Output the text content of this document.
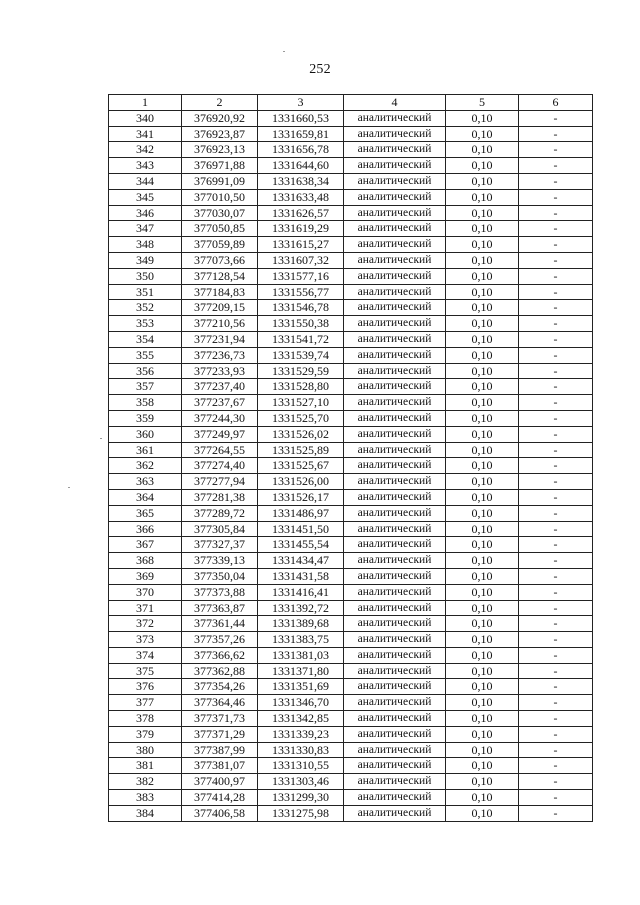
252
1	2	3	4	5	6
340	376920,92	1331660,53	аналитический	0,10	-
341	376923,87	1331659,81	аналитический	0,10	-
342	376923,13	1331656,78	аналитический	0,10	-
343	376971,88	1331644,60	аналитический	0,10	-
344	376991,09	1331638,34	аналитический	0,10	-
345	377010,50	1331633,48	аналитический	0,10	-
346	377030,07	1331626,57	аналитический	0,10	-
347	377050,85	1331619,29	аналитический	0,10	-
348	377059,89	1331615,27	аналитический	0,10	-
349	377073,66	1331607,32	аналитический	0,10	-
350	377128,54	1331577,16	аналитический	0,10	-
351	377184,83	1331556,77	аналитический	0,10	-
352	377209,15	1331546,78	аналитический	0,10	-
353	377210,56	1331550,38	аналитический	0,10	-
354	377231,94	1331541,72	аналитический	0,10	-
355	377236,73	1331539,74	аналитический	0,10	-
356	377233,93	1331529,59	аналитический	0,10	-
357	377237,40	1331528,80	аналитический	0,10	-
358	377237,67	1331527,10	аналитический	0,10	-
359	377244,30	1331525,70	аналитический	0,10	-
360	377249,97	1331526,02	аналитический	0,10	-
361	377264,55	1331525,89	аналитический	0,10	-
362	377274,40	1331525,67	аналитический	0,10	-
363	377277,94	1331526,00	аналитический	0,10	-
364	377281,38	1331526,17	аналитический	0,10	-
365	377289,72	1331486,97	аналитический	0,10	-
366	377305,84	1331451,50	аналитический	0,10	-
367	377327,37	1331455,54	аналитический	0,10	-
368	377339,13	1331434,47	аналитический	0,10	-
369	377350,04	1331431,58	аналитический	0,10	-
370	377373,88	1331416,41	аналитический	0,10	-
371	377363,87	1331392,72	аналитический	0,10	-
372	377361,44	1331389,68	аналитический	0,10	-
373	377357,26	1331383,75	аналитический	0,10	-
374	377366,62	1331381,03	аналитический	0,10	-
375	377362,88	1331371,80	аналитический	0,10	-
376	377354,26	1331351,69	аналитический	0,10	-
377	377364,46	1331346,70	аналитический	0,10	-
378	377371,73	1331342,85	аналитический	0,10	-
379	377371,29	1331339,23	аналитический	0,10	-
380	377387,99	1331330,83	аналитический	0,10	-
381	377381,07	1331310,55	аналитический	0,10	-
382	377400,97	1331303,46	аналитический	0,10	-
383	377414,28	1331299,30	аналитический	0,10	-
384	377406,58	1331275,98	аналитический	0,10	-
